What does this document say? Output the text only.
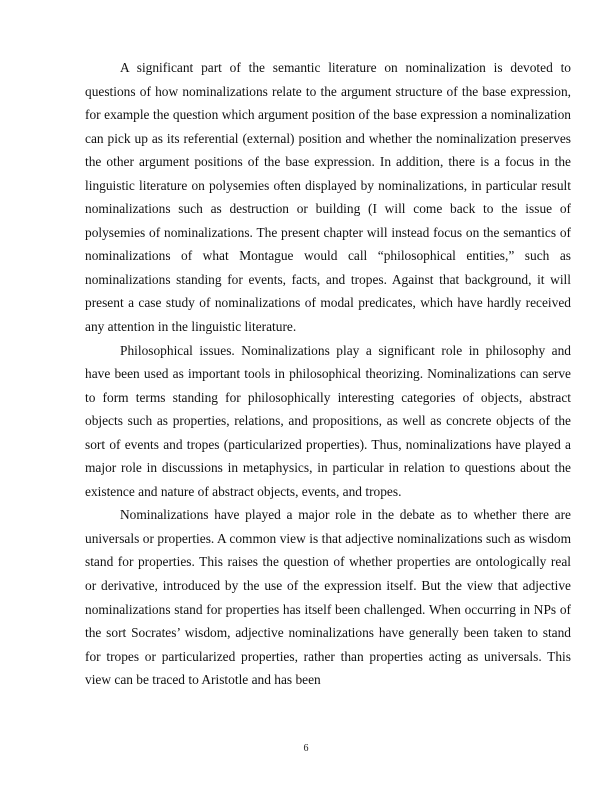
A significant part of the semantic literature on nominalization is devoted to questions of how nominalizations relate to the argument structure of the base expression, for example the question which argument position of the base expression a nominalization can pick up as its referential (external) position and whether the nominalization preserves the other argument positions of the base expression. In addition, there is a focus in the linguistic literature on polysemies often displayed by nominalizations, in particular result nominalizations such as destruction or building (I will come back to the issue of polysemies of nominalizations. The present chapter will instead focus on the semantics of nominalizations of what Montague would call “philosophical entities,” such as nominalizations standing for events, facts, and tropes. Against that background, it will present a case study of nominalizations of modal predicates, which have hardly received any attention in the linguistic literature.

Philosophical issues. Nominalizations play a significant role in philosophy and have been used as important tools in philosophical theorizing. Nominalizations can serve to form terms standing for philosophically interesting categories of objects, abstract objects such as properties, relations, and propositions, as well as concrete objects of the sort of events and tropes (particularized properties). Thus, nominalizations have played a major role in discussions in metaphysics, in particular in relation to questions about the existence and nature of abstract objects, events, and tropes.

Nominalizations have played a major role in the debate as to whether there are universals or properties. A common view is that adjective nominalizations such as wisdom stand for properties. This raises the question of whether properties are ontologically real or derivative, introduced by the use of the expression itself. But the view that adjective nominalizations stand for properties has itself been challenged. When occurring in NPs of the sort Socrates’ wisdom, adjective nominalizations have generally been taken to stand for tropes or particularized properties, rather than properties acting as universals. This view can be traced to Aristotle and has been

6
